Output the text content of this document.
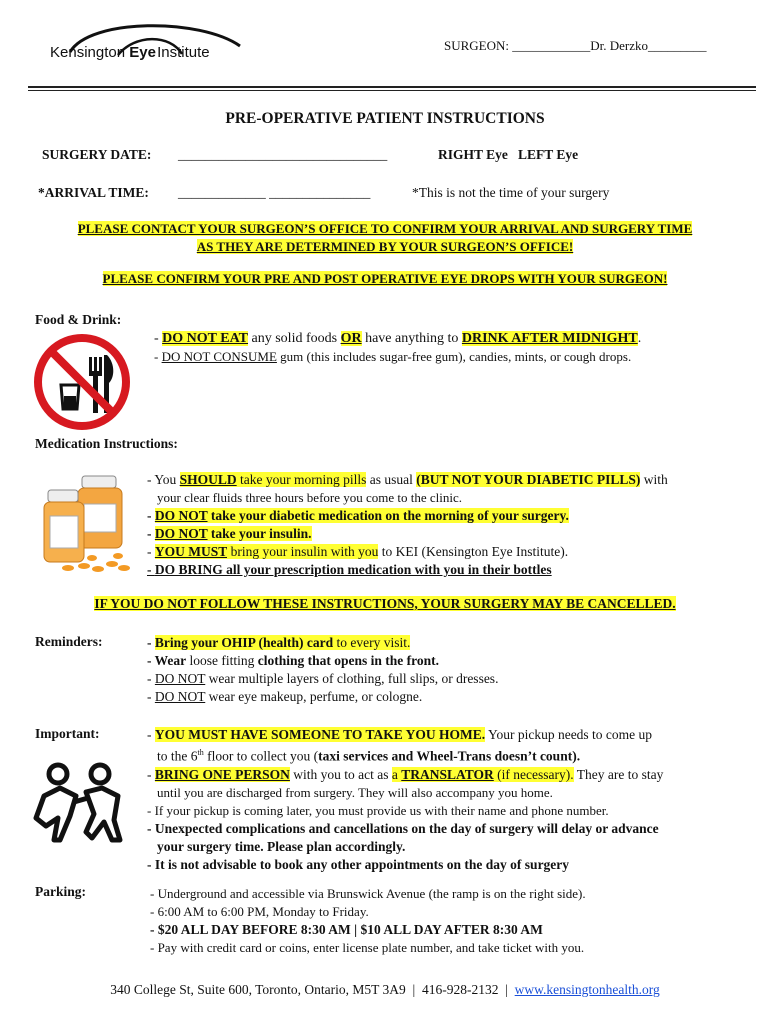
Kensington Eye Institute	SURGEON: ____________Dr. Derzko_________
PRE-OPERATIVE PATIENT INSTRUCTIONS
SURGERY DATE: _______________________________	RIGHT Eye LEFT Eye
*ARRIVAL TIME: _____________ _______________	*This is not the time of your surgery
PLEASE CONTACT YOUR SURGEON’S OFFICE TO CONFIRM YOUR ARRIVAL AND SURGERY TIME
AS THEY ARE DETERMINED BY YOUR SURGEON’S OFFICE!
PLEASE CONFIRM YOUR PRE AND POST OPERATIVE EYE DROPS WITH YOUR SURGEON!
Food & Drink:
- DO NOT EAT any solid foods OR have anything to DRINK AFTER MIDNIGHT.
- DO NOT CONSUME gum (this includes sugar-free gum), candies, mints, or cough drops.
Medication Instructions:
- You SHOULD take your morning pills as usual (BUT NOT YOUR DIABETIC PILLS) with
your clear fluids three hours before you come to the clinic.
- DO NOT take your diabetic medication on the morning of your surgery.
- DO NOT take your insulin.
- YOU MUST bring your insulin with you to KEI (Kensington Eye Institute).
- DO BRING all your prescription medication with you in their bottles
IF YOU DO NOT FOLLOW THESE INSTRUCTIONS, YOUR SURGERY MAY BE CANCELLED.
Reminders:	- Bring your OHIP (health) card to every visit.
- Wear loose fitting clothing that opens in the front.
- DO NOT wear multiple layers of clothing, full slips, or dresses.
- DO NOT wear eye makeup, perfume, or cologne.
Important:	- YOU MUST HAVE SOMEONE TO TAKE YOU HOME. Your pickup needs to come up
to the 6th floor to collect you (taxi services and Wheel-Trans doesn’t count).
- BRING ONE PERSON with you to act as a TRANSLATOR (if necessary). They are to stay
until you are discharged from surgery. They will also accompany you home.
- If your pickup is coming later, you must provide us with their name and phone number.
- Unexpected complications and cancellations on the day of surgery will delay or advance
your surgery time. Please plan accordingly.
- It is not advisable to book any other appointments on the day of surgery
Parking:	- Underground and accessible via Brunswick Avenue (the ramp is on the right side).
- 6:00 AM to 6:00 PM, Monday to Friday.
- $20 ALL DAY BEFORE 8:30 AM | $10 ALL DAY AFTER 8:30 AM
- Pay with credit card or coins, enter license plate number, and take ticket with you.
340 College St, Suite 600, Toronto, Ontario, M5T 3A9 | 416-928-2132 | www.kensingtonhealth.org
